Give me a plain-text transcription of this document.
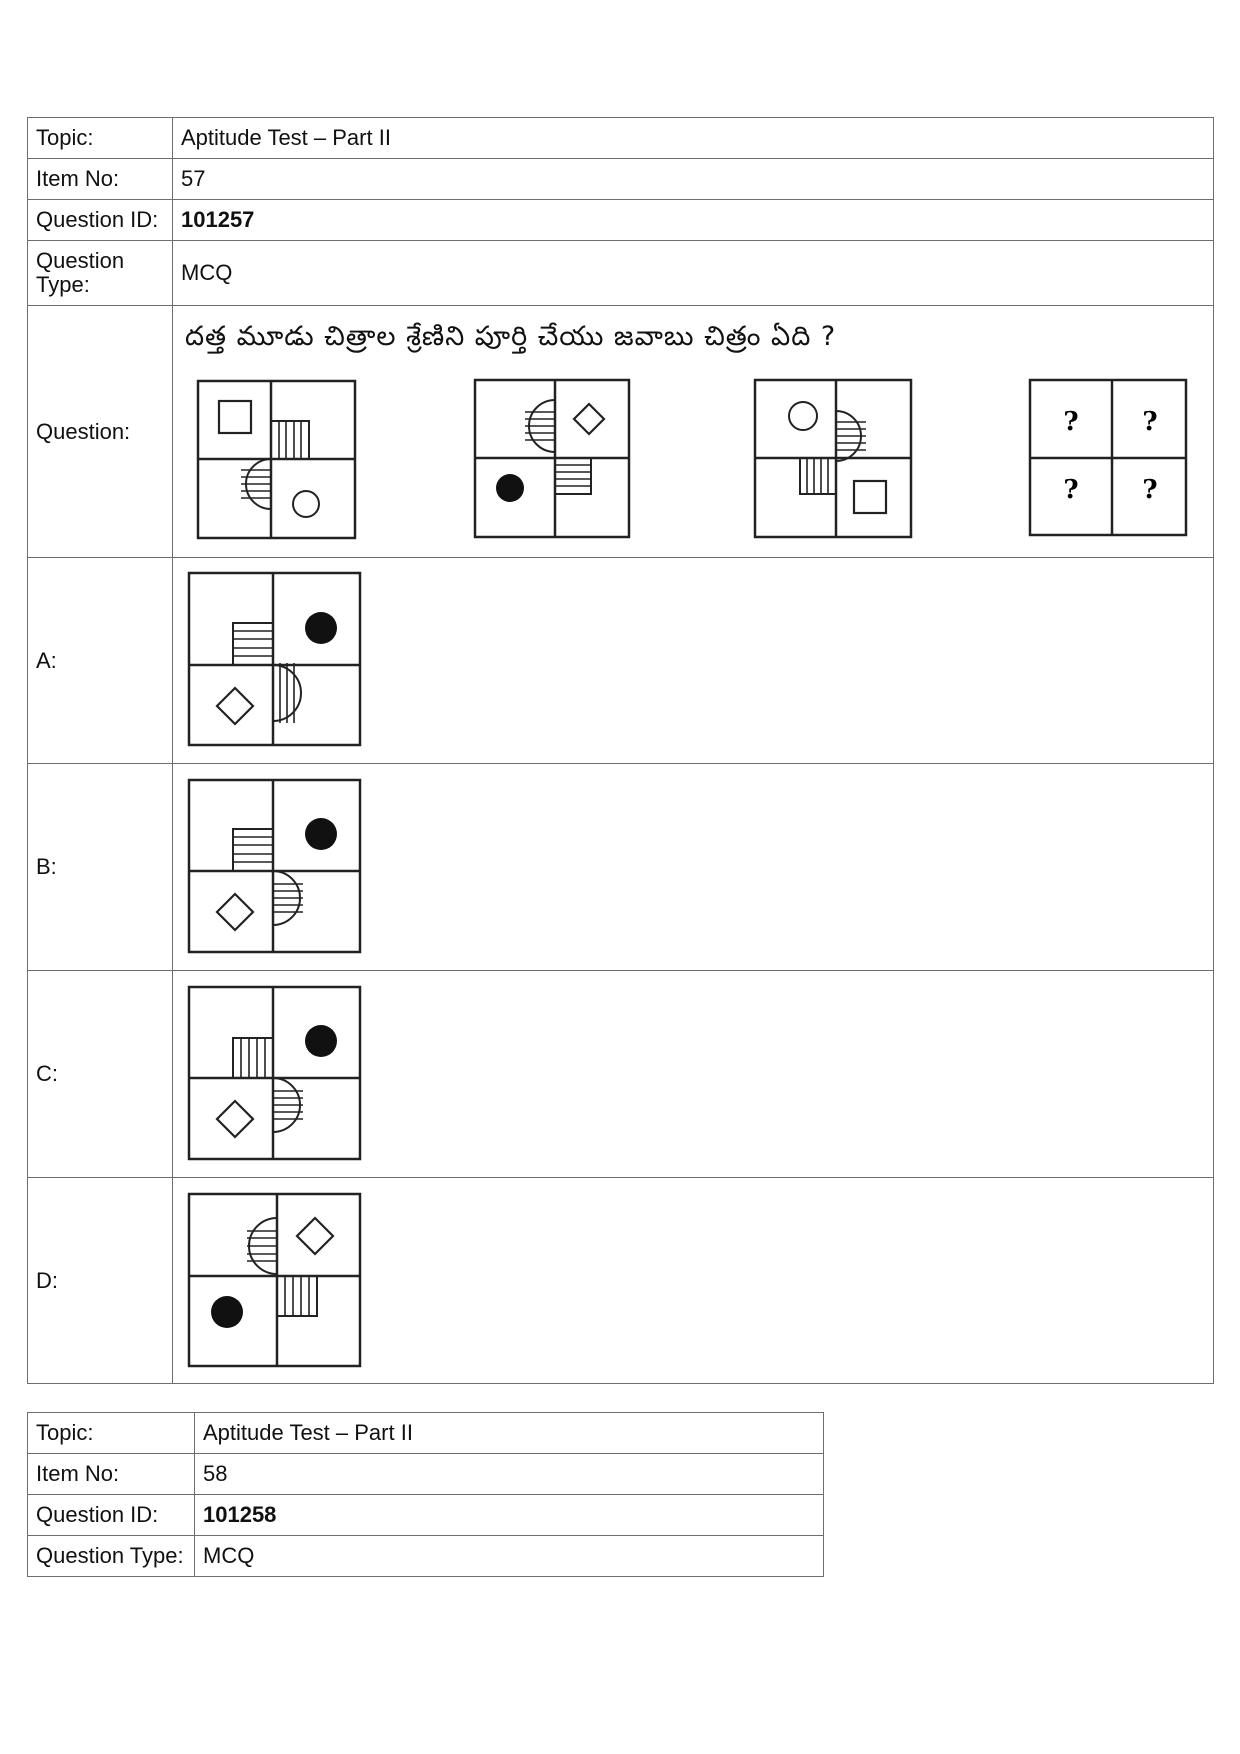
Topic:	Aptitude Test – Part II
Item No:	57
Question ID:	101257
Question Type:	MCQ
Question:	దత్త మూడు చిత్రాల శ్రేణిని పూర్తి చేయు జవాబు చిత్రం ఏది ?
? ?
? ?

A:	

B:	

C:	

D:	
Topic:	Aptitude Test – Part II
Item No:	58
Question ID:	101258
Question Type:	MCQ
